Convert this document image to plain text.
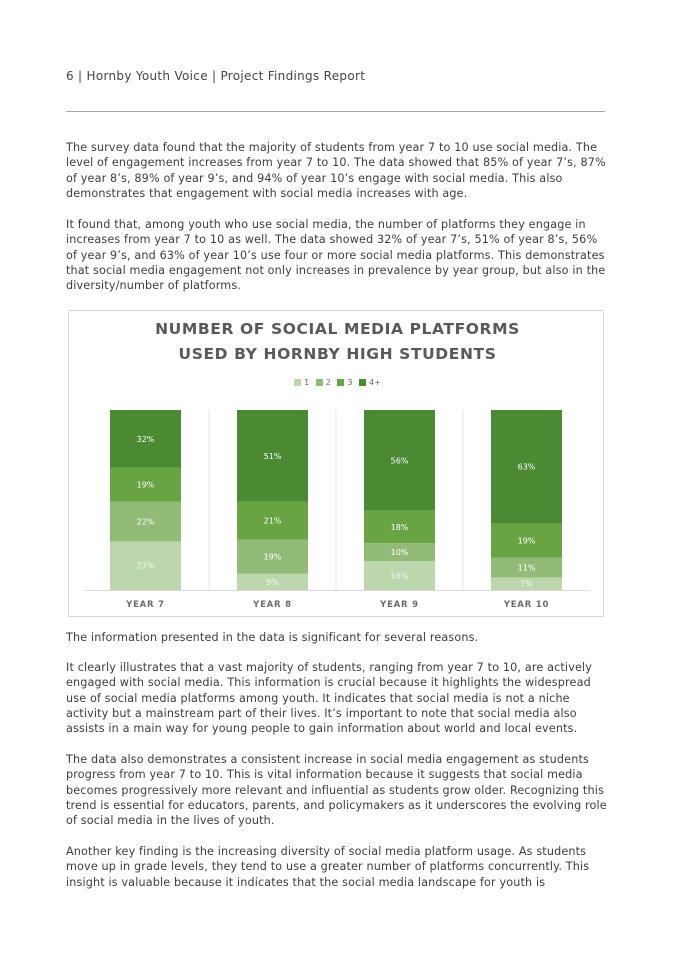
6 | Hornby Youth Voice | Project Findings Report

The survey data found that the majority of students from year 7 to 10 use social media. The level of engagement increases from year 7 to 10. The data showed that 85% of year 7’s, 87% of year 8’s, 89% of year 9’s, and 94% of year 10’s engage with social media. This also demonstrates that engagement with social media increases with age.

It found that, among youth who use social media, the number of platforms they engage in increases from year 7 to 10 as well. The data showed 32% of year 7’s, 51% of year 8’s, 56% of year 9’s, and 63% of year 10’s use four or more social media platforms. This demonstrates that social media engagement not only increases in prevalence by year group, but also in the diversity/number of platforms.

NUMBER OF SOCIAL MEDIA PLATFORMS
USED BY HORNBY HIGH STUDENTS
1 2 3 4+
27%
22%
19%
32%
YEAR 7
9%
19%
21%
51%
YEAR 8
16%
10%
18%
56%
YEAR 9
7%
11%
19%
63%
YEAR 10

The information presented in the data is significant for several reasons.

It clearly illustrates that a vast majority of students, ranging from year 7 to 10, are actively engaged with social media. This information is crucial because it highlights the widespread use of social media platforms among youth. It indicates that social media is not a niche activity but a mainstream part of their lives. It’s important to note that social media also assists in a main way for young people to gain information about world and local events.

The data also demonstrates a consistent increase in social media engagement as students progress from year 7 to 10. This is vital information because it suggests that social media becomes progressively more relevant and influential as students grow older. Recognizing this trend is essential for educators, parents, and policymakers as it underscores the evolving role of social media in the lives of youth.

Another key finding is the increasing diversity of social media platform usage. As students move up in grade levels, they tend to use a greater number of platforms concurrently. This insight is valuable because it indicates that the social media landscape for youth is
